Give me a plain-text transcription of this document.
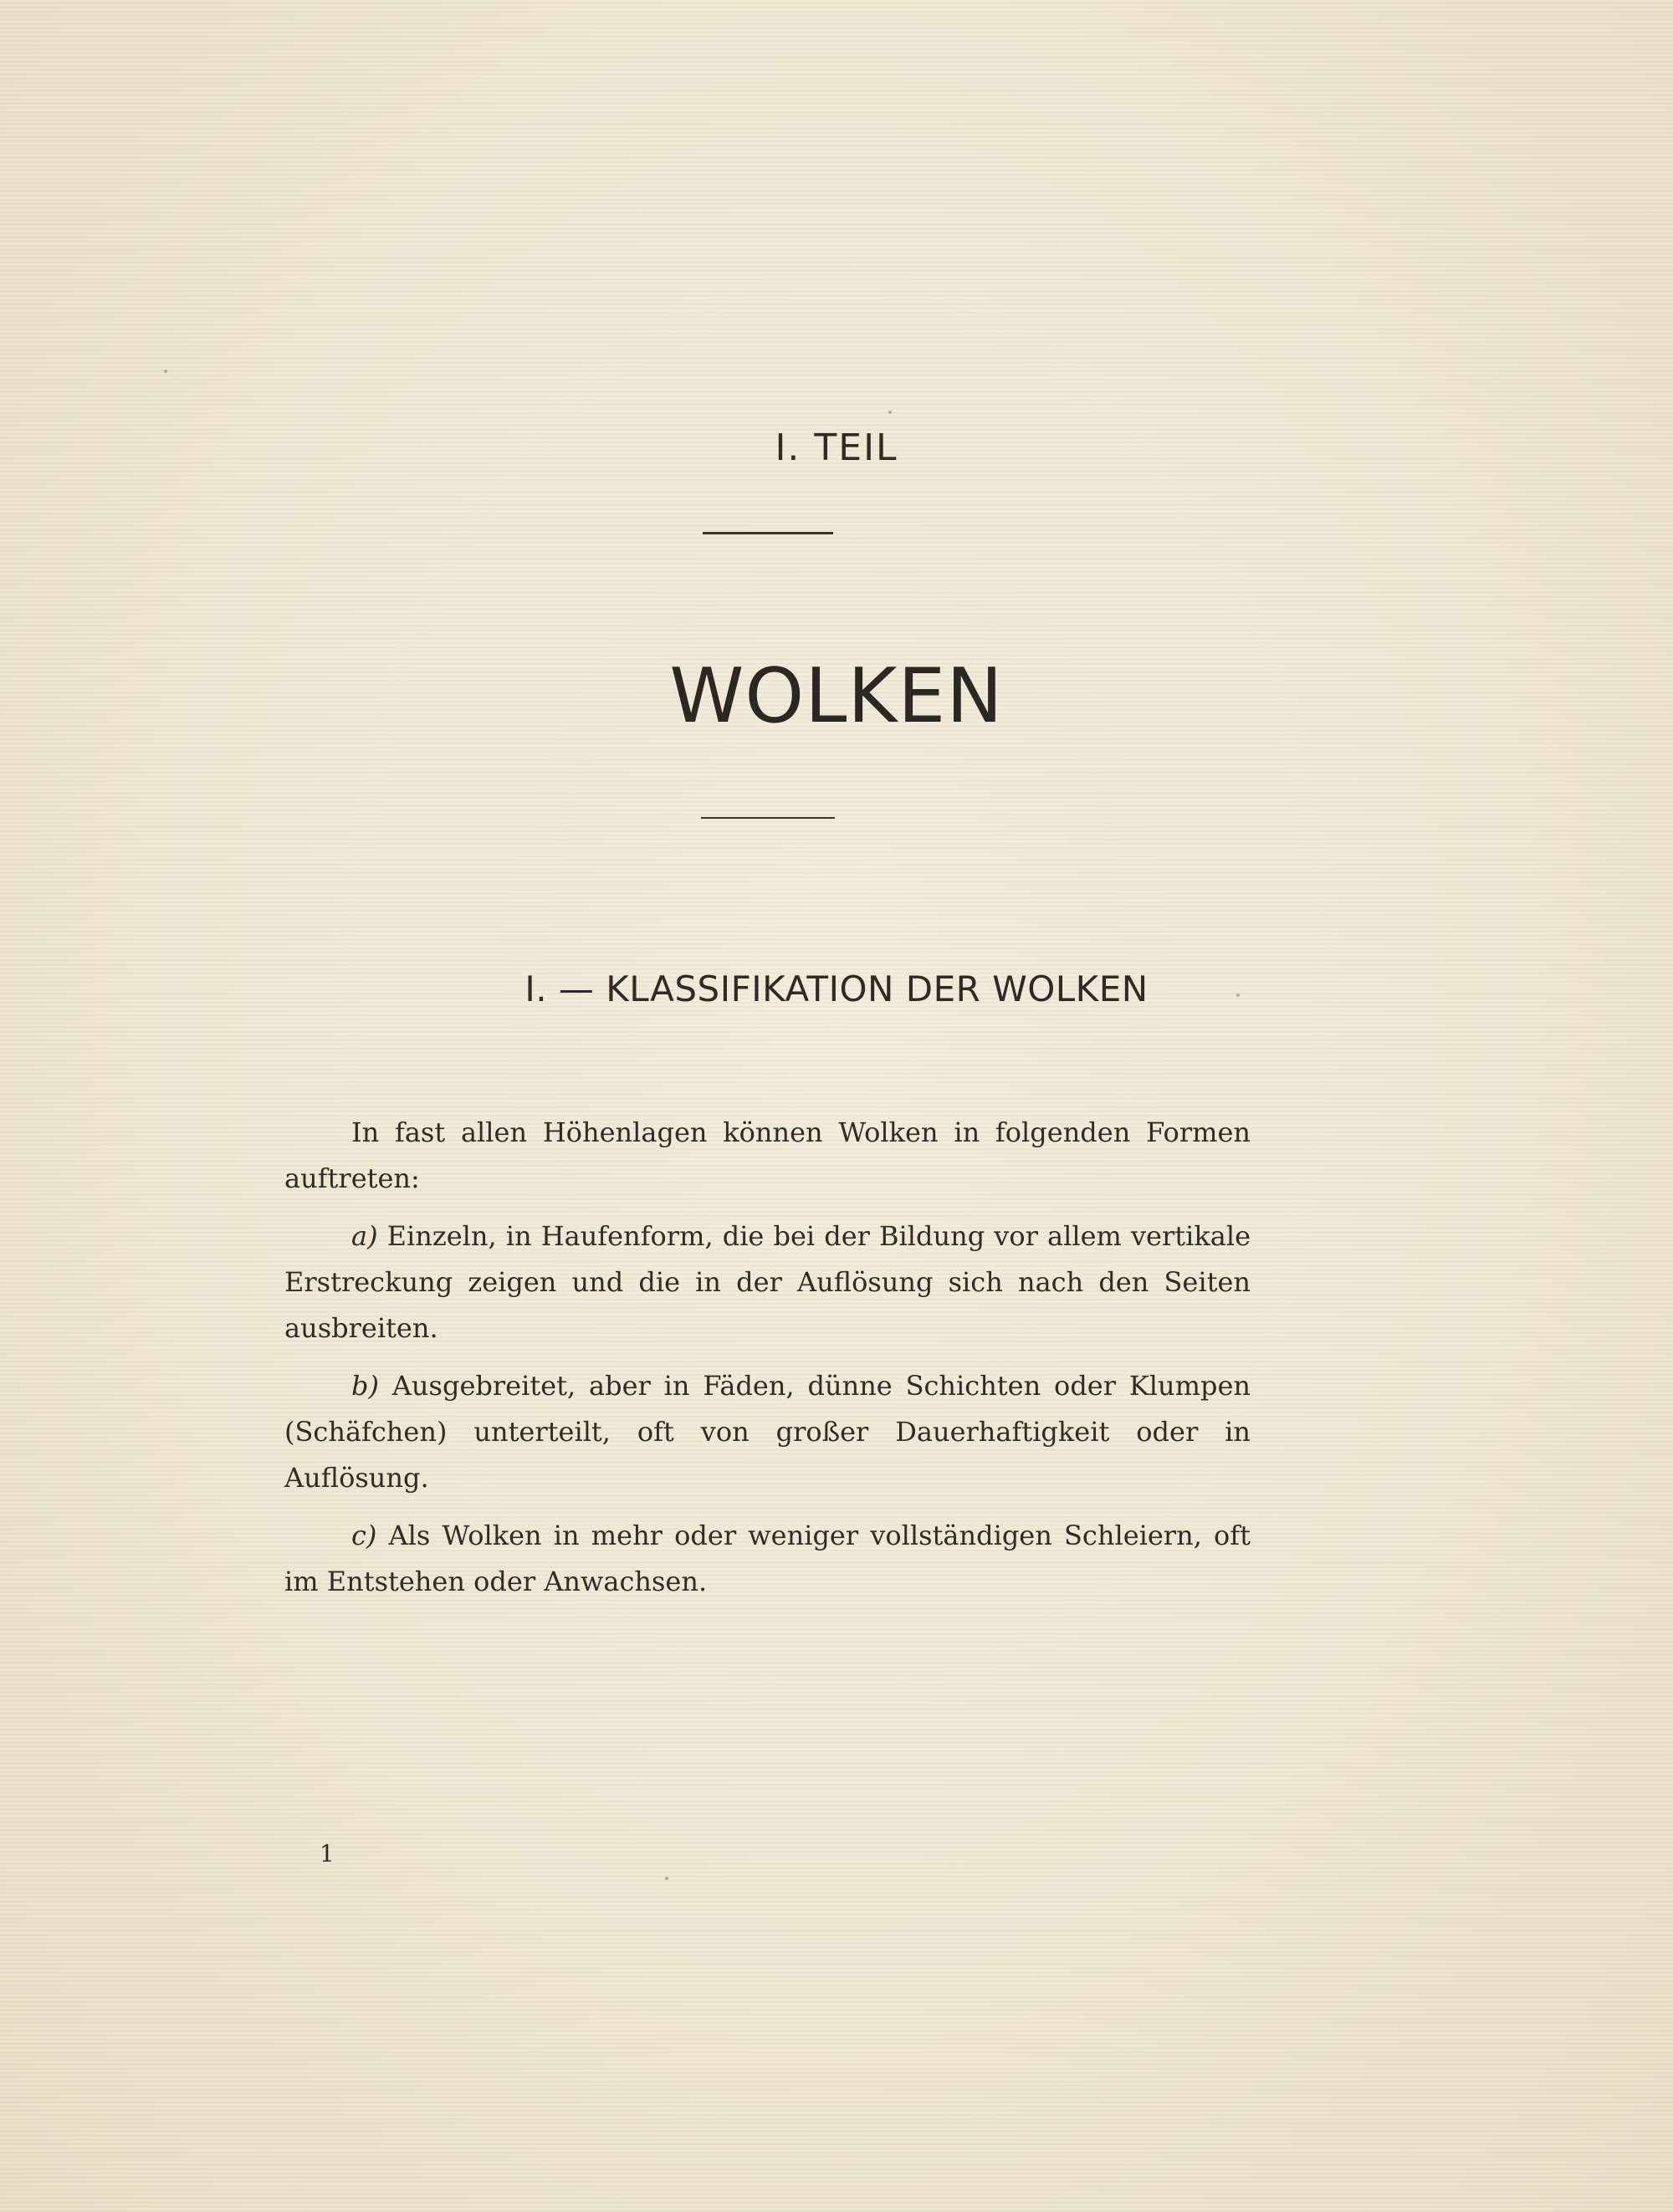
I. TEIL
WOLKEN
I. — KLASSIFIKATION DER WOLKEN

In fast allen Höhenlagen können Wolken in folgenden Formen auftreten:

a) Einzeln, in Haufenform, die bei der Bildung vor allem vertikale Erstreckung zeigen und die in der Auflösung sich nach den Seiten ausbreiten.

b) Ausgebreitet, aber in Fäden, dünne Schichten oder Klumpen (Schäfchen) unterteilt, oft von großer Dauerhaftigkeit oder in Auflösung.

c) Als Wolken in mehr oder weniger vollständigen Schleiern, oft im Entstehen oder Anwachsen.

1
